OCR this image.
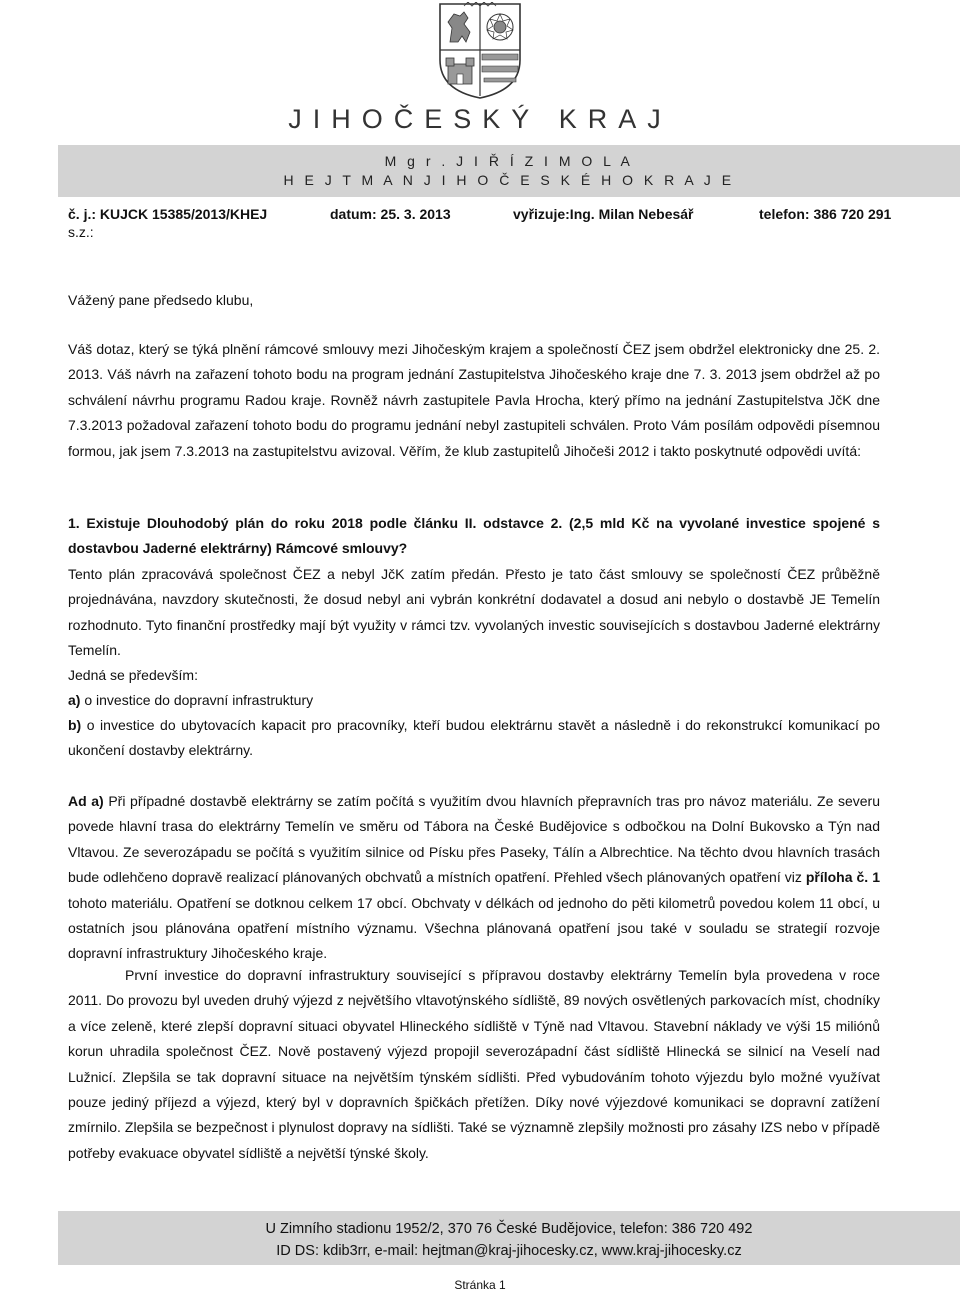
JIHOČESKÝ KRAJ
M g r . J I Ř Í Z I M O L A
H E J T M A N J I H O Č E S K É H O K R A J E
č. j.: KUJCK 15385/2013/KHEJ	datum: 25. 3. 2013	vyřizuje:Ing. Milan Nebesář	telefon: 386 720 291
s.z.:

Vážený pane předsedo klubu,

Váš dotaz, který se týká plnění rámcové smlouvy mezi Jihočeským krajem a společností ČEZ jsem obdržel elektronicky dne 25. 2. 2013. Váš návrh na zařazení tohoto bodu na program jednání Zastupitelstva Jihočeského kraje dne 7. 3. 2013 jsem obdržel až po schválení návrhu programu Radou kraje. Rovněž návrh zastupitele Pavla Hrocha, který přímo na jednání Zastupitelstva JčK dne 7.3.2013 požadoval zařazení tohoto bodu do programu jednání nebyl zastupiteli schválen. Proto Vám posílám odpovědi písemnou formou, jak jsem 7.3.2013 na zastupitelstvu avizoval. Věřím, že klub zastupitelů Jihočeši 2012 i takto poskytnuté odpovědi uvítá:

1. Existuje Dlouhodobý plán do roku 2018 podle článku II. odstavce 2. (2,5 mld Kč na vyvolané investice spojené s dostavbou Jaderné elektrárny) Rámcové smlouvy?

Tento plán zpracovává společnost ČEZ a nebyl JčK zatím předán. Přesto je tato část smlouvy se společností ČEZ průběžně projednávána, navzdory skutečnosti, že dosud nebyl ani vybrán konkrétní dodavatel a dosud ani nebylo o dostavbě JE Temelín rozhodnuto. Tyto finanční prostředky mají být využity v rámci tzv. vyvolaných investic souvisejících s dostavbou Jaderné elektrárny Temelín.

Jedná se především:

a) o investice do dopravní infrastruktury

b) o investice do ubytovacích kapacit pro pracovníky, kteří budou elektrárnu stavět a následně i do rekonstrukcí komunikací po ukončení dostavby elektrárny.

Ad a) Při případné dostavbě elektrárny se zatím počítá s využitím dvou hlavních přepravních tras pro návoz materiálu. Ze severu povede hlavní trasa do elektrárny Temelín ve směru od Tábora na České Budějovice s odbočkou na Dolní Bukovsko a Týn nad Vltavou. Ze severozápadu se počítá s využitím silnice od Písku přes Paseky, Tálín a Albrechtice. Na těchto dvou hlavních trasách bude odlehčeno dopravě realizací plánovaných obchvatů a místních opatření. Přehled všech plánovaných opatření viz příloha č. 1 tohoto materiálu. Opatření se dotknou celkem 17 obcí. Obchvaty v délkách od jednoho do pěti kilometrů povedou kolem 11 obcí, u ostatních jsou plánována opatření místního významu. Všechna plánovaná opatření jsou také v souladu se strategií rozvoje dopravní infrastruktury Jihočeského kraje.

První investice do dopravní infrastruktury související s přípravou dostavby elektrárny Temelín byla provedena v roce
2011. Do provozu byl uveden druhý výjezd z největšího vltavotýnského sídliště, 89 nových osvětlených parkovacích míst, chodníky a více zeleně, které zlepší dopravní situaci obyvatel Hlineckého sídliště v Týně nad Vltavou. Stavební náklady ve výši 15 miliónů korun uhradila společnost ČEZ. Nově postavený výjezd propojil severozápadní část sídliště Hlinecká se silnicí na Veselí nad Lužnicí. Zlepšila se tak dopravní situace na největším týnském sídlišti. Před vybudováním tohoto výjezdu bylo možné využívat pouze jediný příjezd a výjezd, který byl v dopravních špičkách přetížen. Díky nové výjezdové komunikaci se dopravní zatížení zmírnilo. Zlepšila se bezpečnost i plynulost dopravy na sídlišti. Také se významně zlepšily možnosti pro zásahy IZS nebo v případě potřeby evakuace obyvatel sídliště a největší týnské školy.

U Zimního stadionu 1952/2, 370 76 České Budějovice, telefon: 386 720 492
ID DS: kdib3rr, e-mail: hejtman@kraj-jihocesky.cz, www.kraj-jihocesky.cz
Stránka 1
